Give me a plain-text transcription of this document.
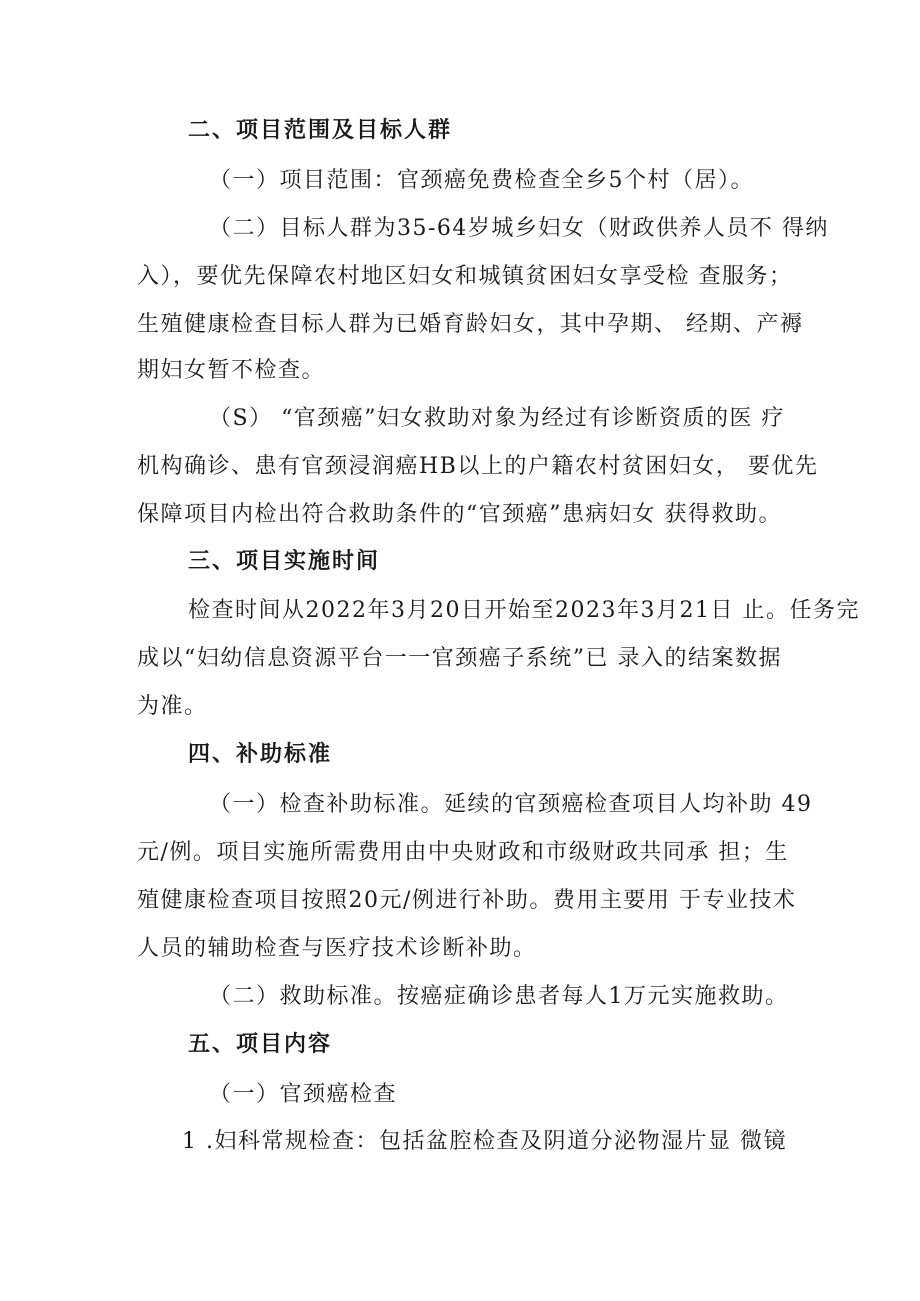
二、项目范围及目标人群
（一）项目范围：官颈癌免费检查全乡5个村（居）。
（二）目标人群为35-64岁城乡妇女（财政供养人员不 得纳
入），要优先保障农村地区妇女和城镇贫困妇女享受检 查服务；
生殖健康检查目标人群为已婚育龄妇女，其中孕期、 经期、产褥
期妇女暂不检查。
（S） “官颈癌”妇女救助对象为经过有诊断资质的医 疗
机构确诊、患有官颈浸润癌HB以上的户籍农村贫困妇女， 要优先
保障项目内检出符合救助条件的“官颈癌”患病妇女 获得救助。
三、项目实施时间
检查时间从2022年3月20日开始至2023年3月21日 止。任务完
成以“妇幼信息资源平台一一官颈癌子系统”已 录入的结案数据
为准。
四、补助标准
（一）检查补助标准。延续的官颈癌检查项目人均补助 49
元/例。项目实施所需费用由中央财政和市级财政共同承 担；生
殖健康检查项目按照20元/例进行补助。费用主要用 于专业技术
人员的辅助检查与医疗技术诊断补助。
（二）救助标准。按癌症确诊患者每人1万元实施救助。
五、项目内容
（一）官颈癌检查
1 .妇科常规检查：包括盆腔检查及阴道分泌物湿片显 微镜
